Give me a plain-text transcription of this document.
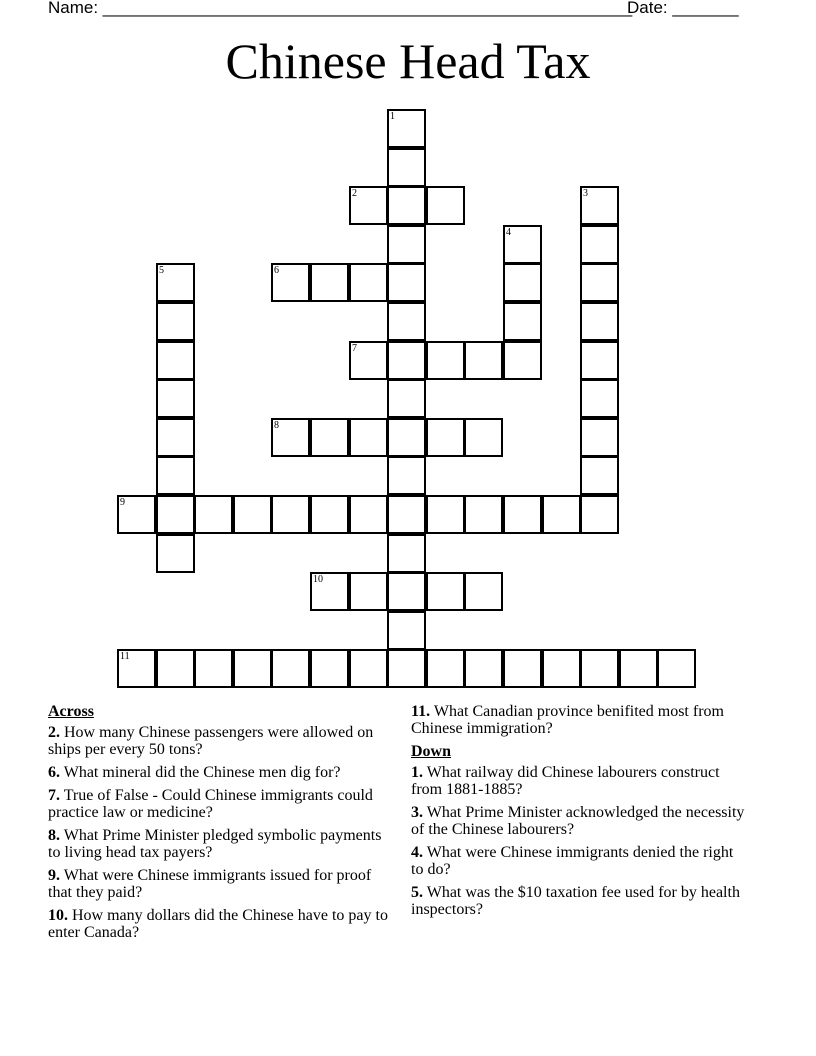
Name: ________________________________________________________
Date: _______
Chinese Head Tax
1
2	3
4
5	6
7
8
9
10
11
Across
2. How many Chinese passengers were allowed on ships per every 50 tons?
6. What mineral did the Chinese men dig for?
7. True of False - Could Chinese immigrants could practice law or medicine?
8. What Prime Minister pledged symbolic payments to living head tax payers?
9. What were Chinese immigrants issued for proof that they paid?
10. How many dollars did the Chinese have to pay to enter Canada?
11. What Canadian province benifited most from Chinese immigration?
Down
1. What railway did Chinese labourers construct from 1881-1885?
3. What Prime Minister acknowledged the necessity of the Chinese labourers?
4. What were Chinese immigrants denied the right to do?
5. What was the $10 taxation fee used for by health inspectors?
